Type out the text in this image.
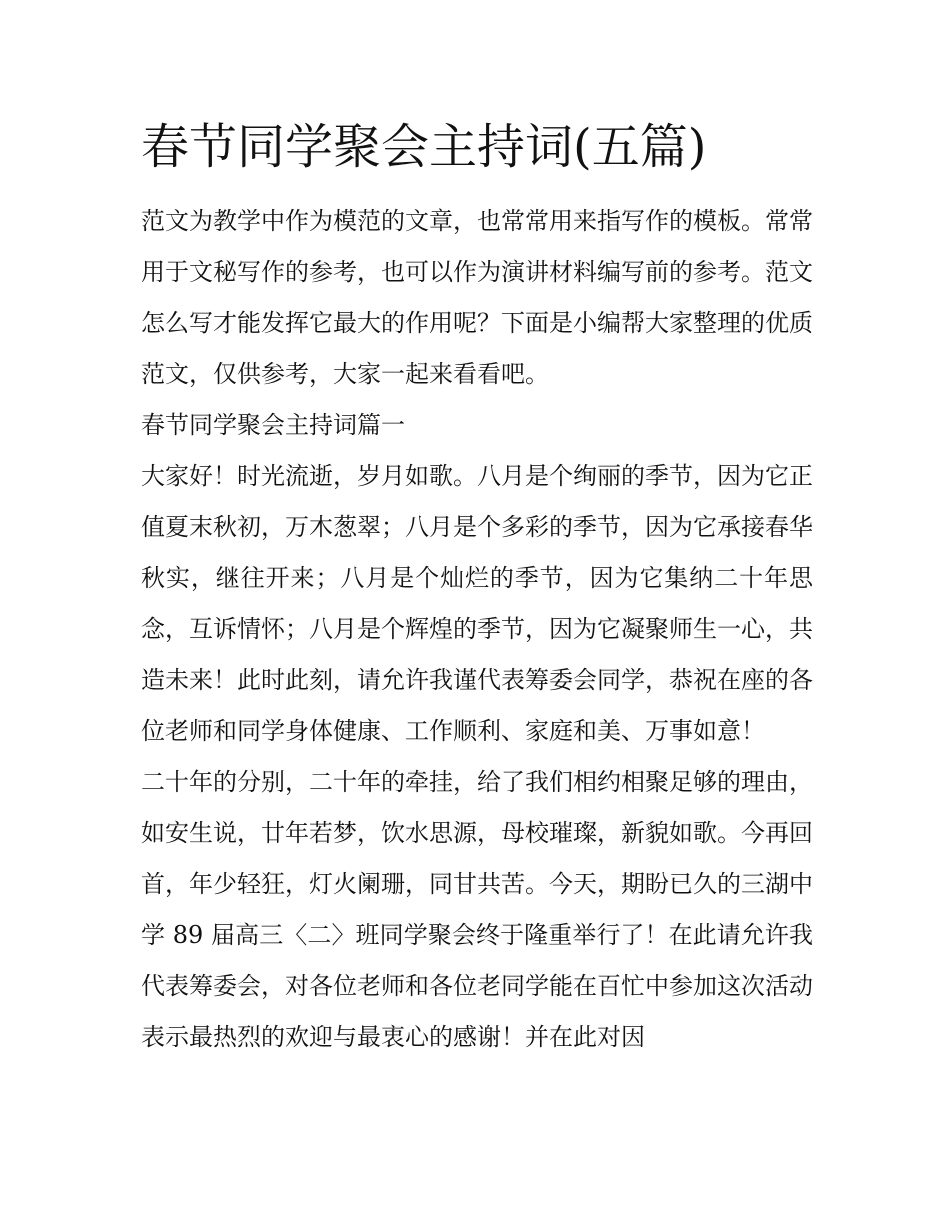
春节同学聚会主持词(五篇)

范文为教学中作为模范的文章，也常常用来指写作的模板。常常用于文秘写作的参考，也可以作为演讲材料编写前的参考。范文怎么写才能发挥它最大的作用呢？下面是小编帮大家整理的优质范文，仅供参考，大家一起来看看吧。

春节同学聚会主持词篇一

大家好！时光流逝，岁月如歌。八月是个绚丽的季节，因为它正值夏末秋初，万木葱翠；八月是个多彩的季节，因为它承接春华秋实，继往开来；八月是个灿烂的季节，因为它集纳二十年思念，互诉情怀；八月是个辉煌的季节，因为它凝聚师生一心，共造未来！此时此刻，请允许我谨代表筹委会同学，恭祝在座的各位老师和同学身体健康、工作顺利、家庭和美、万事如意！

二十年的分别，二十年的牵挂，给了我们相约相聚足够的理由，如安生说，廿年若梦，饮水思源，母校璀璨，新貌如歌。今再回首，年少轻狂，灯火阑珊，同甘共苦。今天，期盼已久的三湖中学 89 届高三〈二〉班同学聚会终于隆重举行了！在此请允许我代表筹委会，对各位老师和各位老同学能在百忙中参加这次活动表示最热烈的欢迎与最衷心的感谢！并在此对因
